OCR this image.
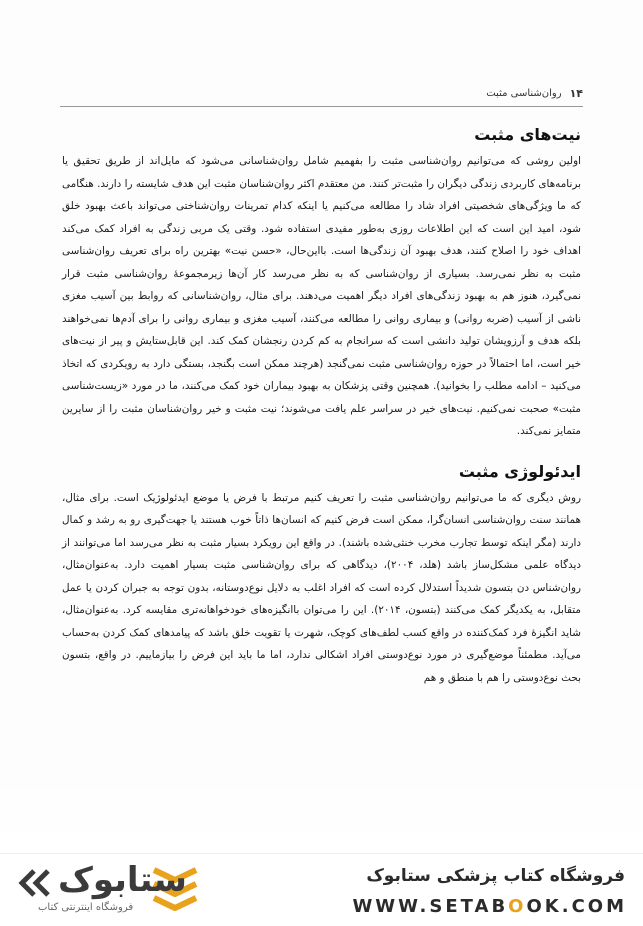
۱۴
روان‌شناسی مثبت
نیت‌های مثبت

اولین روشی که می‌توانیم روان‌شناسی مثبت را بفهمیم شامل روان‌شناسانی می‌شود که مایل‌اند از طریق تحقیق یا برنامه‌های کاربردی زندگی دیگران را مثبت‌تر کنند. من معتقدم اکثر روان‌شناسان مثبت این هدف شایسته را دارند. هنگامی که ما ویژگی‌های شخصیتی افراد شاد را مطالعه می‌کنیم یا اینکه کدام تمرینات روان‌شناختی می‌تواند باعث بهبود خلق شود، امید این است که این اطلاعات روزی به‌طور مفیدی استفاده شود. وقتی یک مربی زندگی به افراد کمک می‌کند اهداف خود را اصلاح کنند، هدف بهبود آن زندگی‌ها است. بااین‌حال، «حسن نیت» بهترین راه برای تعریف روان‌شناسی مثبت به نظر نمی‌رسد. بسیاری از روان‌شناسی که به نظر می‌رسد کار آن‌ها زیرمجموعهٔ روان‌شناسی مثبت قرار نمی‌گیرد، هنوز هم به بهبود زندگی‌های افراد دیگر اهمیت می‌دهند. برای مثال، روان‌شناسانی که روابط بین آسیب مغزی ناشی از آسیب (ضربه روانی) و بیماری روانی را مطالعه می‌کنند، آسیب مغزی و بیماری روانی را برای آدم‌ها نمی‌خواهند بلکه هدف و آرزویشان تولید دانشی است که سرانجام به کم کردن رنجشان کمک کند. این قابل‌ستایش و پیر از نیت‌های خیر است، اما احتمالاً در حوزه روان‌شناسی مثبت نمی‌گنجد (هرچند ممکن است بگنجد، بستگی دارد به رویکردی که اتخاذ می‌کنید – ادامه مطلب را بخوانید). همچنین وقتی پزشکان به بهبود بیماران خود کمک می‌کنند، ما در مورد «زیست‌شناسی مثبت» صحبت نمی‌کنیم. نیت‌های خیر در سراسر علم یافت می‌شوند؛ نیت مثبت و خیر روان‌شناسان مثبت را از سایرین متمایز نمی‌کند.

ایدئولوژی مثبت

روش دیگری که ما می‌توانیم روان‌شناسی مثبت را تعریف کنیم مرتبط با فرض یا موضع ایدئولوژیک است. برای مثال، همانند سنت روان‌شناسی انسان‌گرا، ممکن است فرض کنیم که انسان‌ها ذاتاً خوب هستند یا جهت‌گیری رو به رشد و کمال دارند (مگر اینکه توسط تجارب مخرب خنثی‌شده باشند). در واقع این رویکرد بسیار مثبت به نظر می‌رسد اما می‌توانند از دیدگاه علمی مشکل‌ساز باشد (هلد، ۲۰۰۴)، دیدگاهی که برای روان‌شناسی مثبت بسیار اهمیت دارد. به‌عنوان‌مثال، روان‌شناس دن بتسون شدیداً استدلال کرده است که افراد اغلب به دلایل نوع‌دوستانه، بدون توجه به جبران کردن یا عمل متقابل، به یکدیگر کمک می‌کنند (بتسون، ۲۰۱۴). این را می‌توان باانگیزه‌های خودخواهانه‌تری مقایسه کرد. به‌عنوان‌مثال، شاید انگیزهٔ فرد کمک‌کننده در واقع کسب لطف‌های کوچک، شهرت یا تقویت خلق باشد که پیامدهای کمک کردن به‌حساب می‌آید. مطمئناً موضع‌گیری در مورد نوع‌دوستی افراد اشکالی ندارد، اما ما باید این فرض را بیازماییم. در واقع، بتسون بحث نوع‌دوستی را هم با منطق و هم

فروشگاه کتاب پزشکی ستابوک
WWW.SETABOOK.COM
ستابوک
فروشگاه اینترنتی کتاب
